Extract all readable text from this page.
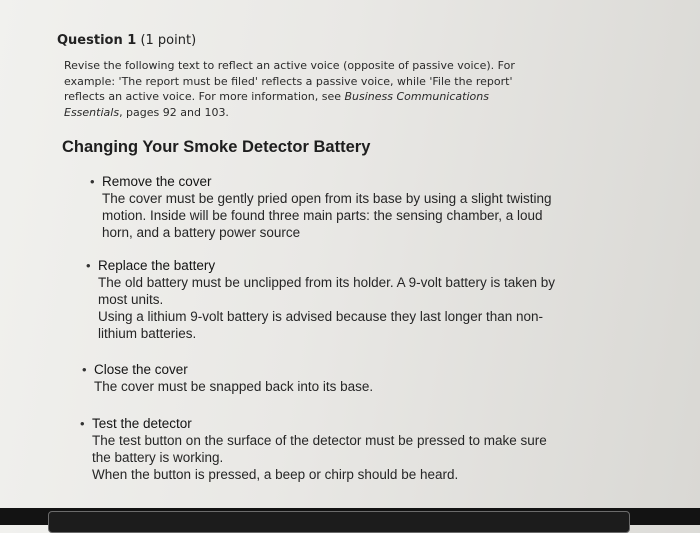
Question 1 (1 point)
Revise the following text to reflect an active voice (opposite of passive voice). For
example: 'The report must be filed' reflects a passive voice, while 'File the report'
reflects an active voice. For more information, see Business Communications
Essentials, pages 92 and 103.
Changing Your Smoke Detector Battery
• Remove the cover
The cover must be gently pried open from its base by using a slight twisting
motion. Inside will be found three main parts: the sensing chamber, a loud
horn, and a battery power source
• Replace the battery
The old battery must be unclipped from its holder. A 9-volt battery is taken by
most units.
Using a lithium 9-volt battery is advised because they last longer than non-
lithium batteries.
• Close the cover
The cover must be snapped back into its base.
• Test the detector
The test button on the surface of the detector must be pressed to make sure
the battery is working.
When the button is pressed, a beep or chirp should be heard.
